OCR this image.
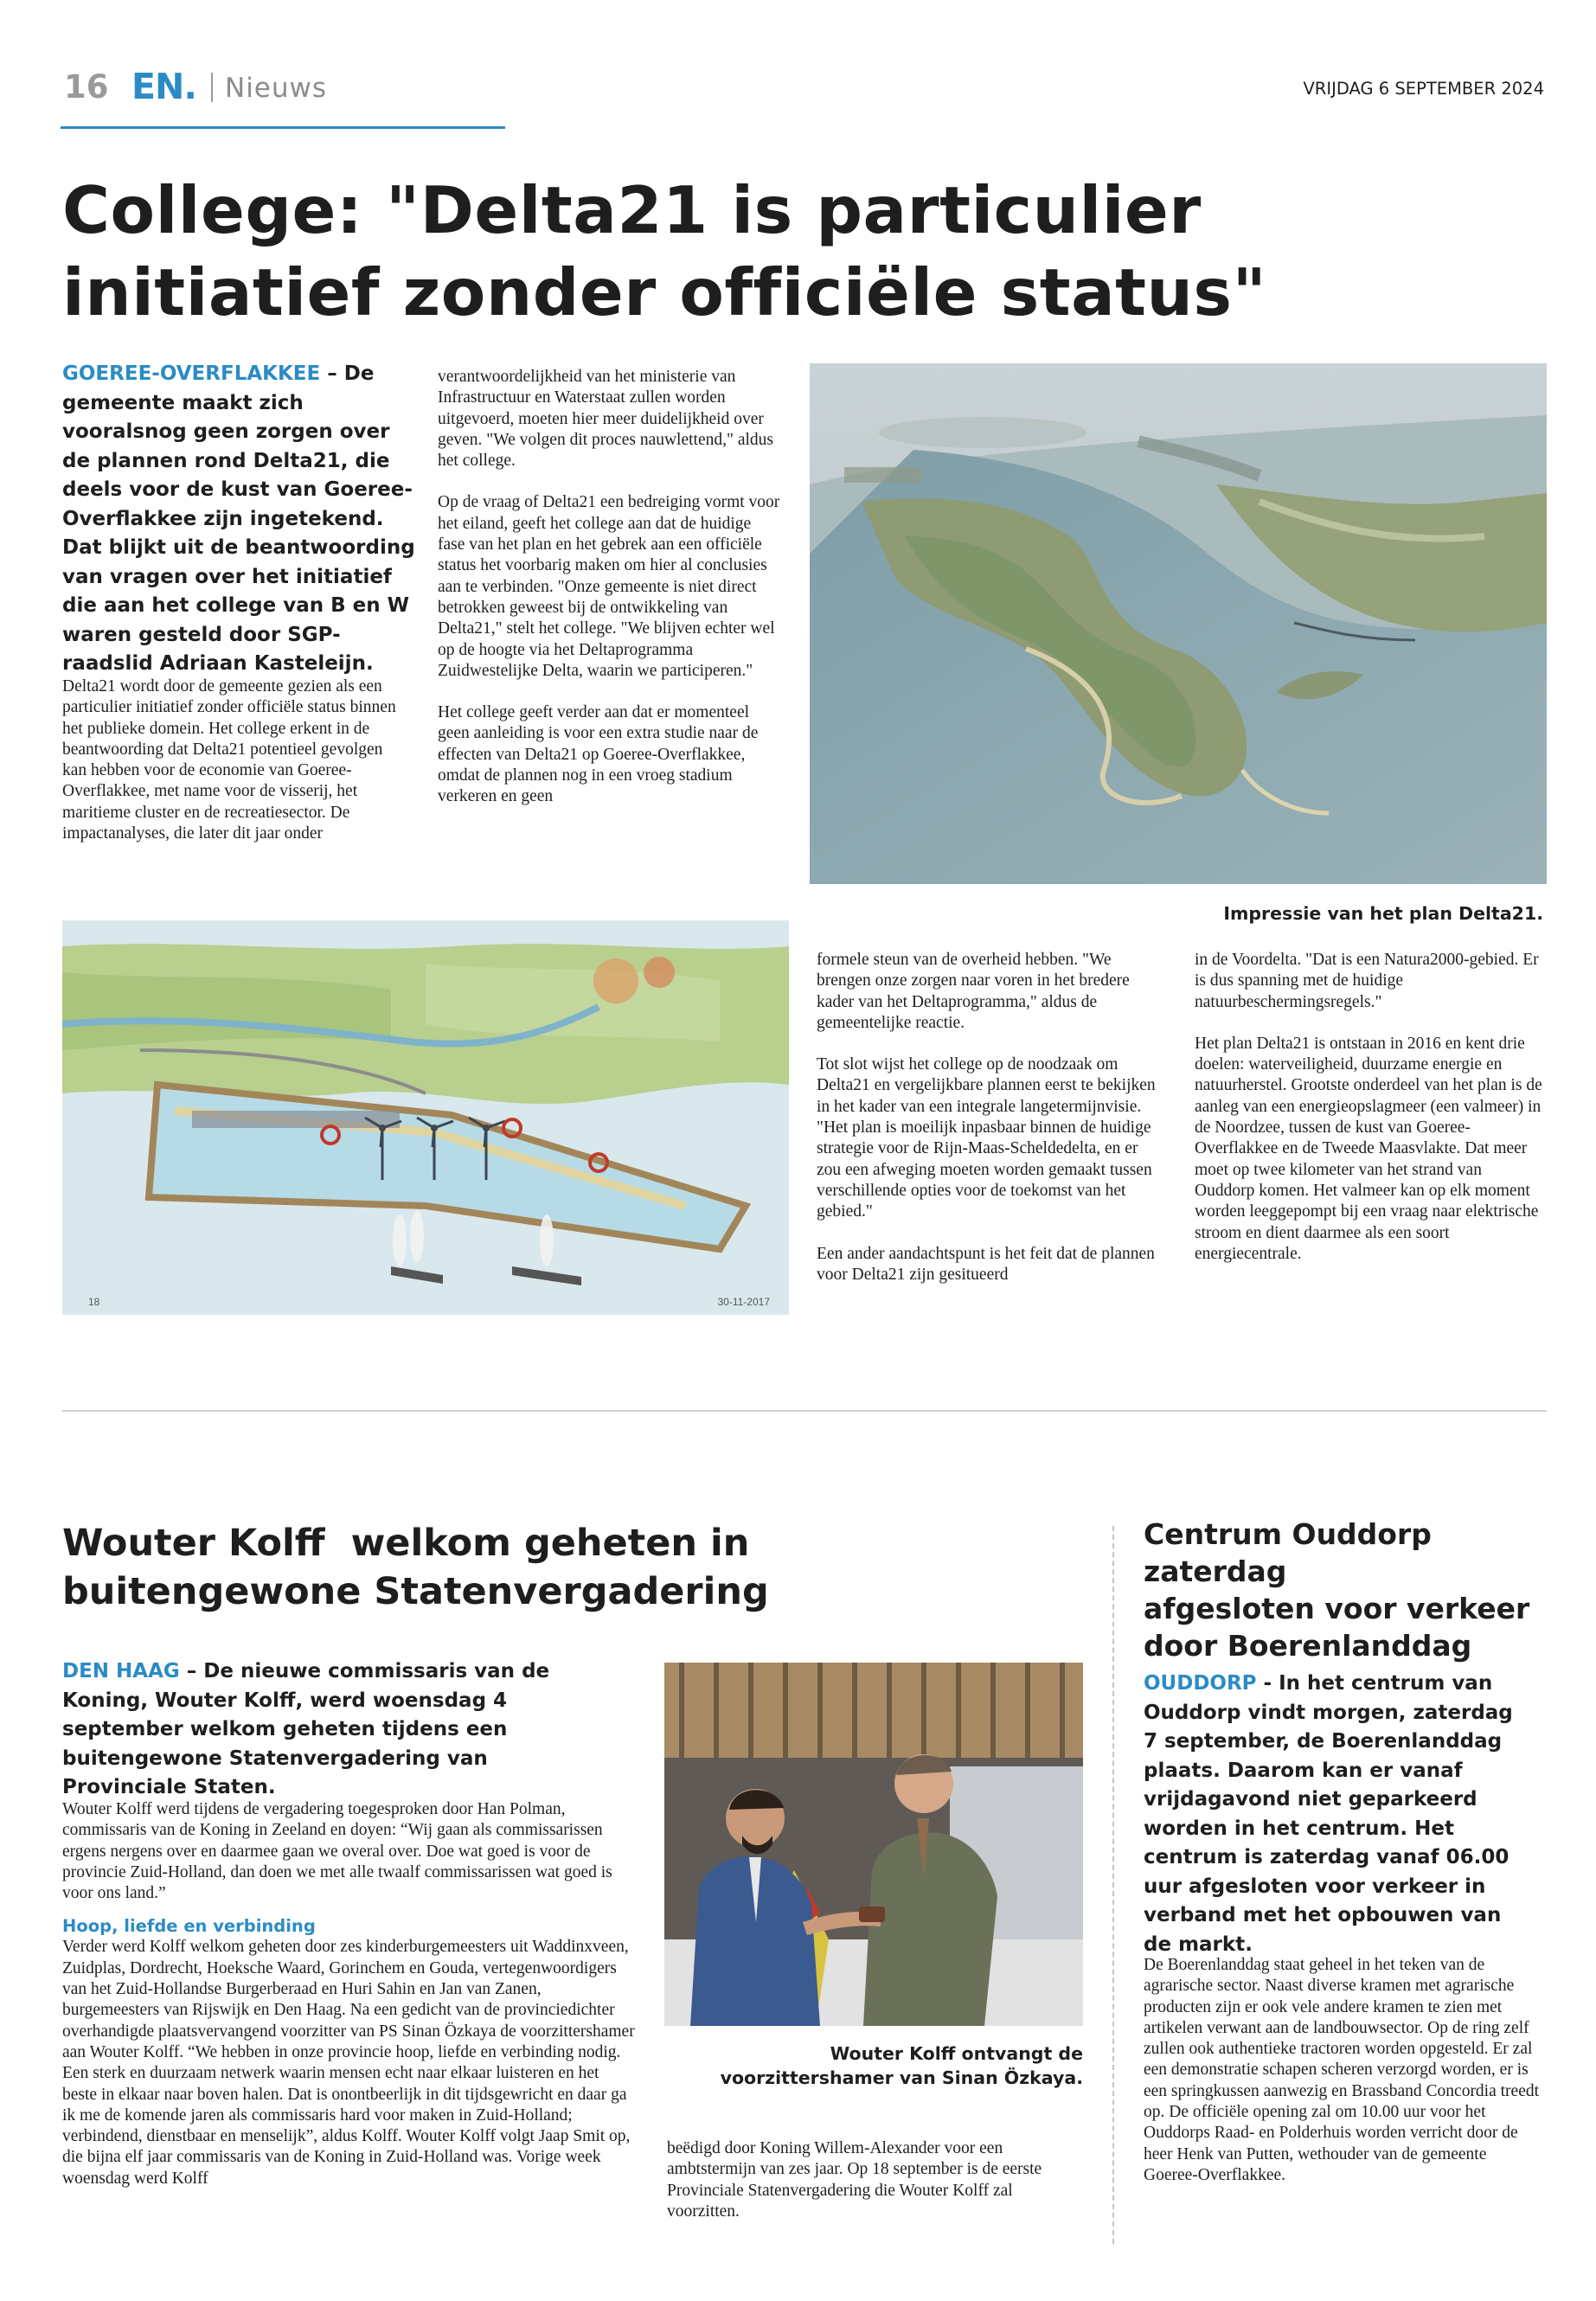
16 EN. Nieuws	VRIJDAG 6 SEPTEMBER 2024
College: "Delta21 is particulier
initiatief zonder officiële status"
GOEREE-OVERFLAKKEE – De gemeente maakt zich vooralsnog geen zorgen over de plannen rond Delta21, die deels voor de kust van Goeree-Overflakkee zijn ingetekend. Dat blijkt uit de beantwoording van vragen over het initiatief die aan het college van B en W waren gesteld door SGP-raadslid Adriaan Kasteleijn.

Delta21 wordt door de gemeente gezien als een particulier initiatief zonder officiële status binnen het publieke domein. Het college erkent in de beantwoording dat Delta21 potentieel gevolgen kan hebben voor de economie van Goeree-Overflakkee, met name voor de visserij, het maritieme cluster en de recreatiesector. De impactanalyses, die later dit jaar onder

verantwoordelijkheid van het ministerie van Infrastructuur en Waterstaat zullen worden uitgevoerd, moeten hier meer duidelijkheid over geven. "We volgen dit proces nauwlettend," aldus het college.

Op de vraag of Delta21 een bedreiging vormt voor het eiland, geeft het college aan dat de huidige fase van het plan en het gebrek aan een officiële status het voorbarig maken om hier al conclusies aan te verbinden. "Onze gemeente is niet direct betrokken geweest bij de ontwikkeling van Delta21," stelt het college. "We blijven echter wel op de hoogte via het Deltaprogramma Zuidwestelijke Delta, waarin we participeren."

Het college geeft verder aan dat er momenteel geen aanleiding is voor een extra studie naar de effecten van Delta21 op Goeree-Overflakkee, omdat de plannen nog in een vroeg stadium verkeren en geen

Impressie van het plan Delta21.
18	30-11-2017

formele steun van de overheid hebben. "We brengen onze zorgen naar voren in het bredere kader van het Deltaprogramma," aldus de gemeentelijke reactie.

Tot slot wijst het college op de noodzaak om Delta21 en vergelijkbare plannen eerst te bekijken in het kader van een integrale langetermijnvisie. "Het plan is moeilijk inpasbaar binnen de huidige strategie voor de Rijn-Maas-Scheldedelta, en er zou een afweging moeten worden gemaakt tussen verschillende opties voor de toekomst van het gebied."

Een ander aandachtspunt is het feit dat de plannen voor Delta21 zijn gesitueerd

in de Voordelta. "Dat is een Natura2000-gebied. Er is dus spanning met de huidige natuurbeschermingsregels."

Het plan Delta21 is ontstaan in 2016 en kent drie doelen: waterveiligheid, duurzame energie en natuurherstel. Grootste onderdeel van het plan is de aanleg van een energieopslagmeer (een valmeer) in de Noordzee, tussen de kust van Goeree-Overflakkee en de Tweede Maasvlakte. Dat meer moet op twee kilometer van het strand van Ouddorp komen. Het valmeer kan op elk moment worden leeggepompt bij een vraag naar elektrische stroom en dient daarmee als een soort energiecentrale.

Wouter Kolff  welkom geheten in
buitengewone Statenvergadering
DEN HAAG – De nieuwe commissaris van de Koning, Wouter Kolff, werd woensdag 4 september welkom geheten tijdens een buitengewone Statenvergadering van Provinciale Staten.

Wouter Kolff werd tijdens de vergadering toegesproken door Han Polman, commissaris van de Koning in Zeeland en doyen: “Wij gaan als commissarissen ergens nergens over en daarmee gaan we overal over. Doe wat goed is voor de provincie Zuid-Holland, dan doen we met alle twaalf commissarissen wat goed is voor ons land.”

Hoop, liefde en verbinding

Verder werd Kolff welkom geheten door zes kinderburgemeesters uit Waddinxveen, Zuidplas, Dordrecht, Hoeksche Waard, Gorinchem en Gouda, vertegenwoordigers van het Zuid-Hollandse Burgerberaad en Huri Sahin en Jan van Zanen, burgemeesters van Rijswijk en Den Haag. Na een gedicht van de provinciedichter overhandigde plaatsvervangend voorzitter van PS Sinan Özkaya de voorzittershamer aan Wouter Kolff. “We hebben in onze provincie hoop, liefde en verbinding nodig. Een sterk en duurzaam netwerk waarin mensen echt naar elkaar luisteren en het beste in elkaar naar boven halen. Dat is onontbeerlijk in dit tijdsgewricht en daar ga ik me de komende jaren als commissaris hard voor maken in Zuid-Holland; verbindend, dienstbaar en menselijk”, aldus Kolff. Wouter Kolff volgt Jaap Smit op, die bijna elf jaar commissaris van de Koning in Zuid-Holland was. Vorige week woensdag werd Kolff

Wouter Kolff ontvangt de
voorzittershamer van Sinan Özkaya.

beëdigd door Koning Willem-Alexander voor een ambtstermijn van zes jaar. Op 18 september is de eerste Provinciale Statenvergadering die Wouter Kolff zal voorzitten.

Centrum Ouddorp zaterdag
afgesloten voor verkeer
door Boerenlanddag
OUDDORP - In het centrum van Ouddorp vindt morgen, zaterdag 7 september, de Boerenlanddag plaats. Daarom kan er vanaf vrijdagavond niet geparkeerd worden in het centrum. Het centrum is zaterdag vanaf 06.00 uur afgesloten voor verkeer in verband met het opbouwen van de markt.

De Boerenlanddag staat geheel in het teken van de agrarische sector. Naast diverse kramen met agrarische producten zijn er ook vele andere kramen te zien met artikelen verwant aan de landbouwsector. Op de ring zelf zullen ook authentieke tractoren worden opgesteld. Er zal een demonstratie schapen scheren verzorgd worden, er is een springkussen aanwezig en Brassband Concordia treedt op. De officiële opening zal om 10.00 uur voor het Ouddorps Raad- en Polderhuis worden verricht door de heer Henk van Putten, wethouder van de gemeente Goeree-Overflakkee.
